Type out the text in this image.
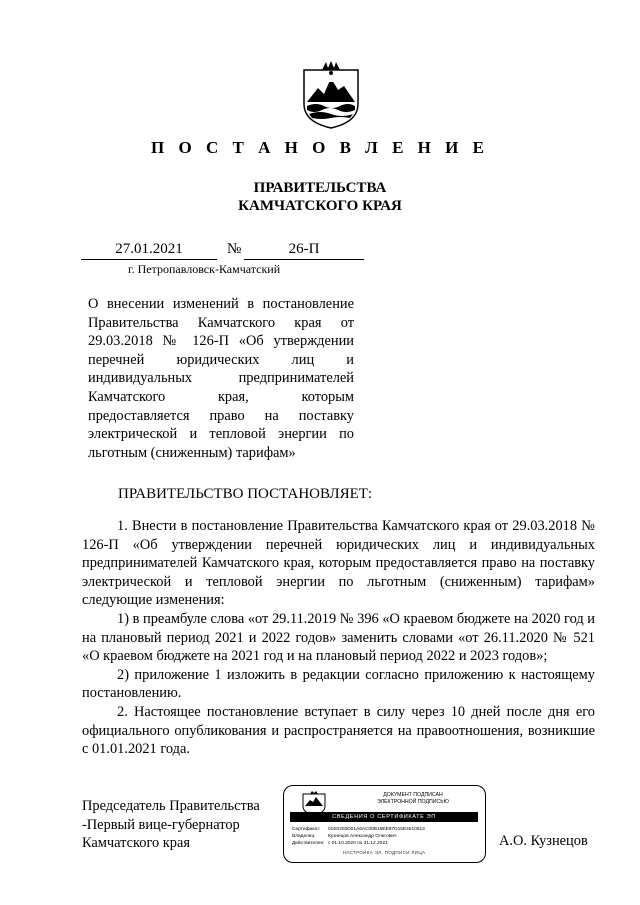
П О С Т А Н О В Л Е Н И Е
ПРАВИТЕЛЬСТВА
КАМЧАТСКОГО КРАЯ
27.01.2021	№	26-П
г. Петропавловск-Камчатский
О внесении изменений в постановление Правительства Камчатского края от 29.03.2018 № 126-П «Об утверждении перечней юридических лиц и индивидуальных предпринимателей Камчатского края, которым предоставляется право на поставку электрической и тепловой энергии по льготным (сниженным) тарифам»
ПРАВИТЕЛЬСТВО ПОСТАНОВЛЯЕТ:

1. Внести в постановление Правительства Камчатского края от 29.03.2018 № 126-П «Об утверждении перечней юридических лиц и индивидуальных предпринимателей Камчатского края, которым предоставляется право на поставку электрической и тепловой энергии по льготным (сниженным) тарифам» следующие изменения:

1) в преамбуле слова «от 29.11.2019 № 396 «О краевом бюджете на 2020 год и на плановый период 2021 и 2022 годов» заменить словами «от 26.11.2020 № 521 «О краевом бюджете на 2021 год и на плановый период 2022 и 2023 годов»;

2) приложение 1 изложить в редакции согласно приложению к настоящему постановлению.

2. Настоящее постановление вступает в силу через 10 дней после дня его официального опубликования и распространяется на правоотношения, возникшие с 01.01.2021 года.

Председатель Правительства
-Первый вице-губернатор
Камчатского края
ДОКУМЕНТ ПОДПИСАН
ЭЛЕКТРОННОЙ ПОДПИСЬЮ
СВЕДЕНИЯ О СЕРТИФИКАТЕ ЭП
Сертификат: 01E0203D01A6AC00B19EE97D15E4510513
Владелец:	Кузнецов Александр Олегович
Действителен: с 01.10.2020 по 31.12.2021
НАСТРОЙКА ЭЛ. ПОДПИСИ ЛИЦА
А.О. Кузнецов
